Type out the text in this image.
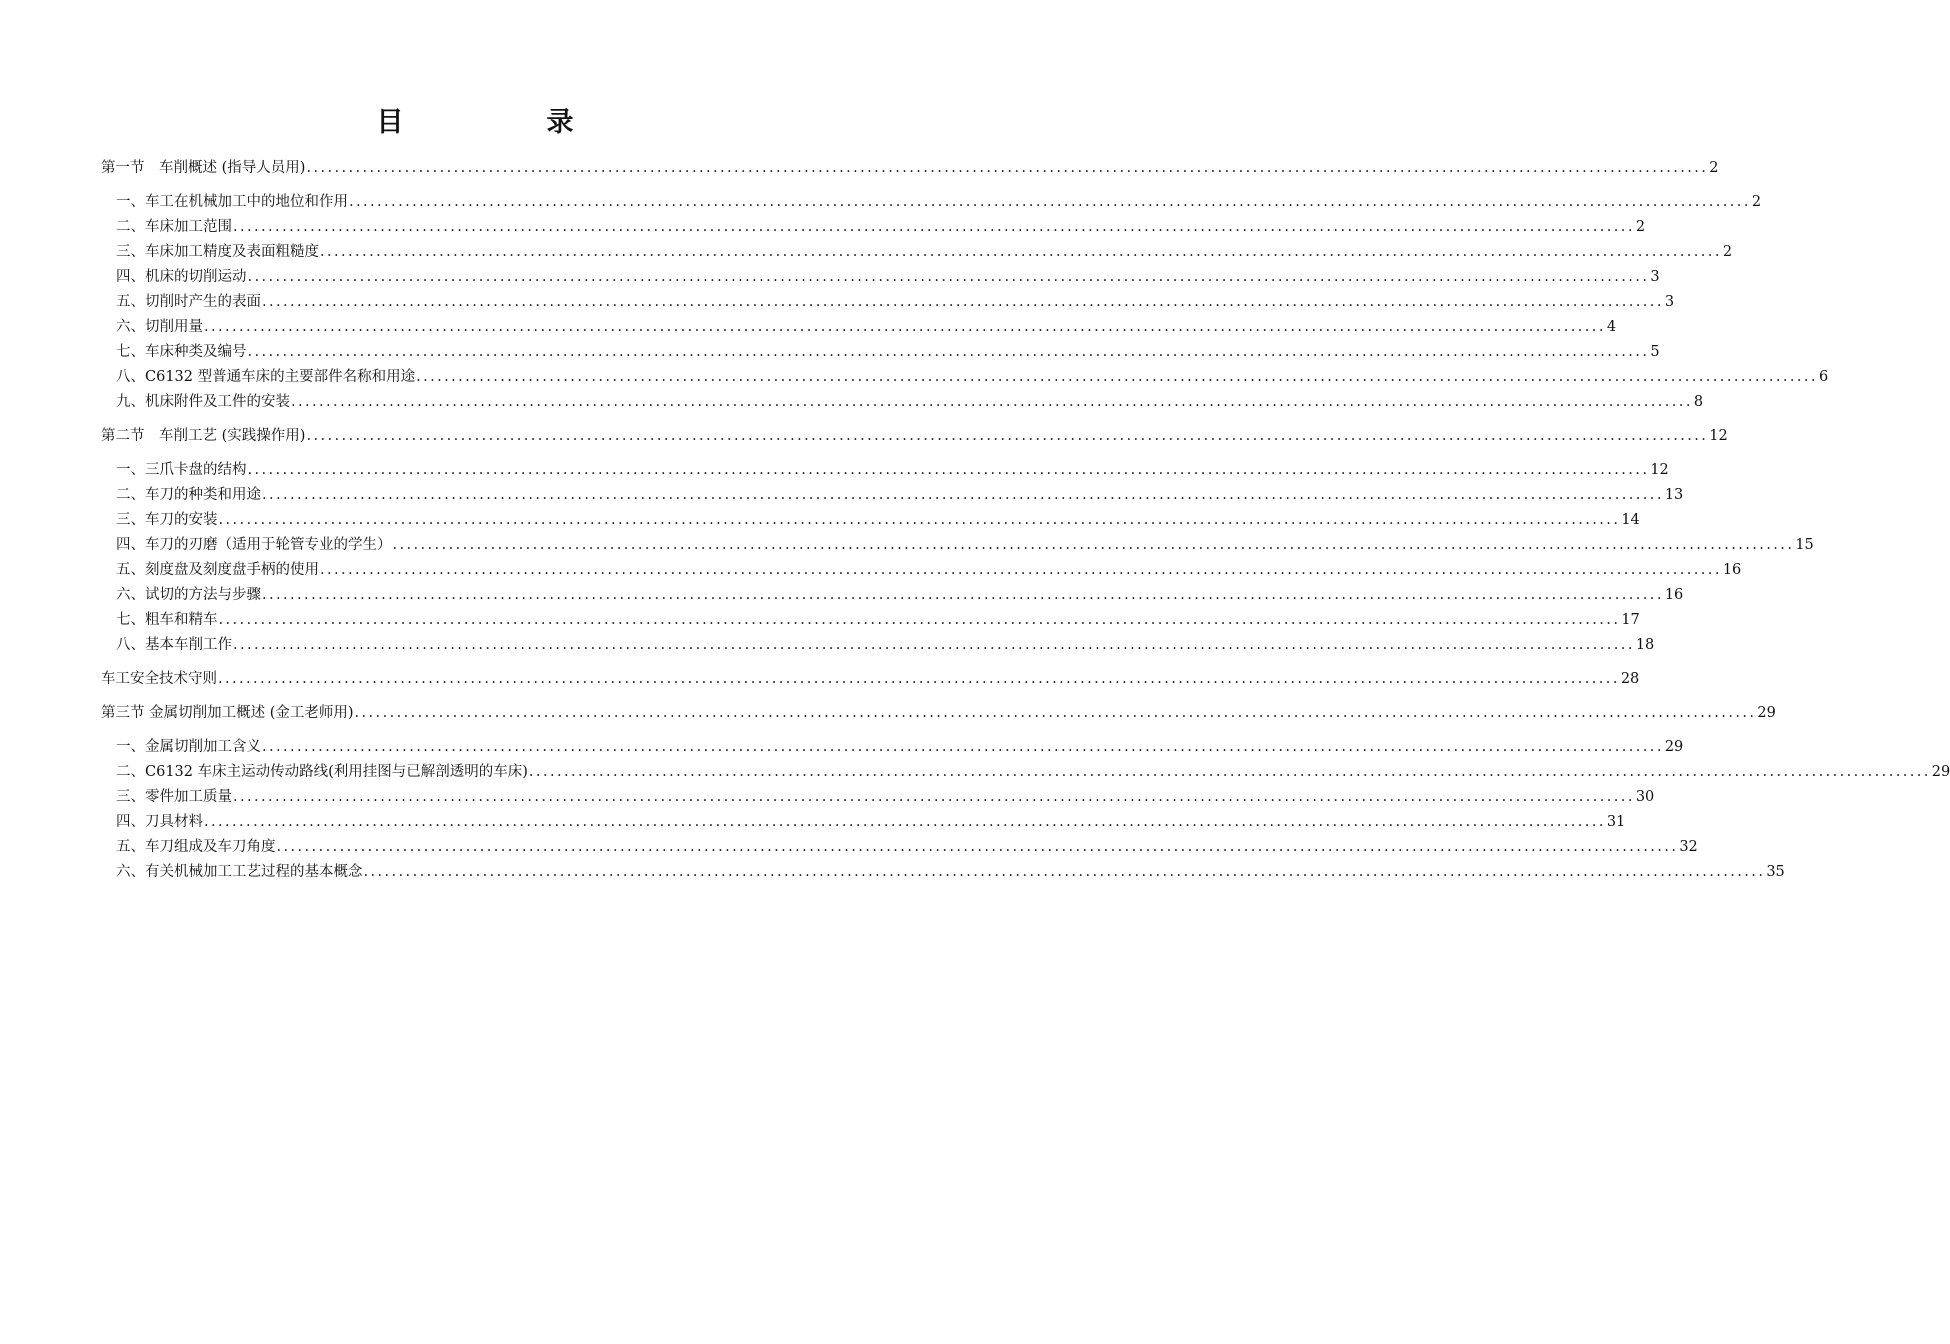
目　录
第一节　车削概述 (指导人员用) ........................................................................................................................................................................................................ 2
一、车工在机械加工中的地位和作用 ........................................................................................................................................................................................................ 2
二、车床加工范围 ........................................................................................................................................................................................................ 2
三、车床加工精度及表面粗糙度 ........................................................................................................................................................................................................ 2
四、机床的切削运动 ........................................................................................................................................................................................................ 3
五、切削时产生的表面 ........................................................................................................................................................................................................ 3
六、切削用量 ........................................................................................................................................................................................................ 4
七、车床种类及编号 ........................................................................................................................................................................................................ 5
八、C6132 型普通车床的主要部件名称和用途 ........................................................................................................................................................................................................ 6
九、机床附件及工件的安装 ........................................................................................................................................................................................................ 8
第二节　车削工艺 (实践操作用) ........................................................................................................................................................................................................ 12
一、三爪卡盘的结构 ........................................................................................................................................................................................................ 12
二、车刀的种类和用途 ........................................................................................................................................................................................................ 13
三、车刀的安装 ........................................................................................................................................................................................................ 14
四、车刀的刃磨（适用于轮管专业的学生） ........................................................................................................................................................................................................ 15
五、刻度盘及刻度盘手柄的使用 ........................................................................................................................................................................................................ 16
六、试切的方法与步骤 ........................................................................................................................................................................................................ 16
七、粗车和精车 ........................................................................................................................................................................................................ 17
八、基本车削工作 ........................................................................................................................................................................................................ 18
车工安全技术守则 ........................................................................................................................................................................................................ 28
第三节 金属切削加工概述 (金工老师用) ........................................................................................................................................................................................................ 29
一、金属切削加工含义 ........................................................................................................................................................................................................ 29
二、C6132 车床主运动传动路线(利用挂图与已解剖透明的车床) ........................................................................................................................................................................................................ 29
三、零件加工质量 ........................................................................................................................................................................................................ 30
四、刀具材料 ........................................................................................................................................................................................................ 31
五、车刀组成及车刀角度 ........................................................................................................................................................................................................ 32
六、有关机械加工工艺过程的基本概念 ........................................................................................................................................................................................................ 35
